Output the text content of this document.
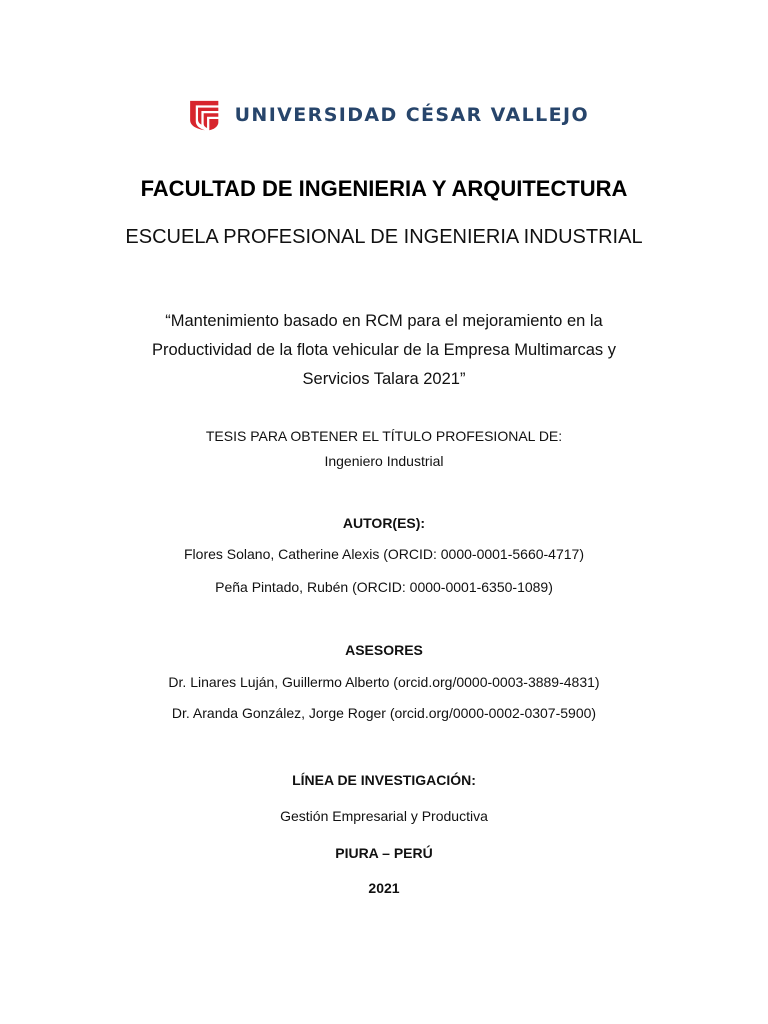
UNIVERSIDAD CÉSAR VALLEJO
FACULTAD DE INGENIERIA Y ARQUITECTURA
ESCUELA PROFESIONAL DE INGENIERIA INDUSTRIAL
“Mantenimiento basado en RCM para el mejoramiento en la
Productividad de la flota vehicular de la Empresa Multimarcas y
Servicios Talara 2021”
TESIS PARA OBTENER EL TÍTULO PROFESIONAL DE:
Ingeniero Industrial
AUTOR(ES):
Flores Solano, Catherine Alexis (ORCID: 0000-0001-5660-4717)
Peña Pintado, Rubén (ORCID: 0000-0001-6350-1089)
ASESORES
Dr. Linares Luján, Guillermo Alberto (orcid.org/0000-0003-3889-4831)
Dr. Aranda González, Jorge Roger (orcid.org/0000-0002-0307-5900)
LÍNEA DE INVESTIGACIÓN:
Gestión Empresarial y Productiva
PIURA – PERÚ
2021
